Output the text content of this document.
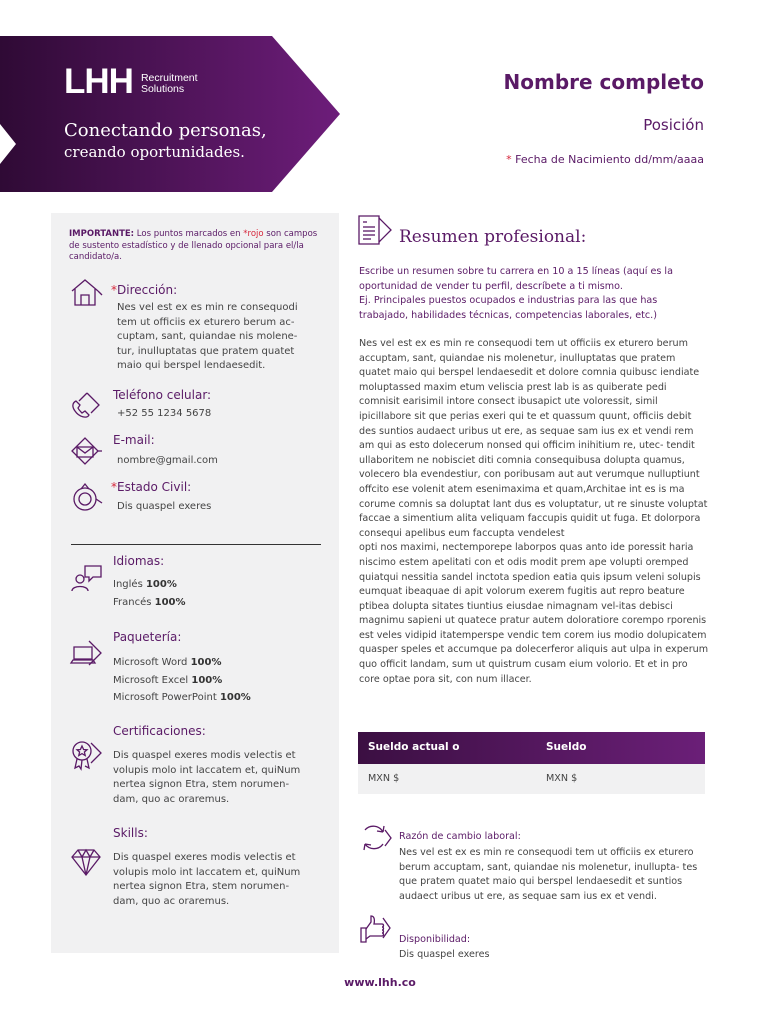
LHH Recruitment
Solutions
Conectando personas,
creando oportunidades.
Nombre completo
Posición
* Fecha de Nacimiento dd/mm/aaaa
IMPORTANTE: Los puntos marcados en *rojo son campos de sustento estadístico y de llenado opcional para el/la candidato/a.
*Dirección:
Nes vel est ex es min re consequodi tem ut officiis ex eturero berum ac-cuptam, sant, quiandae nis molene-tur, inulluptatas que pratem quatet maio qui berspel lendaesedit.
Teléfono celular:
+52 55 1234 5678
E-mail:
nombre@gmail.com
*Estado Civil:
Dis quaspel exeres
Idiomas:
Inglés 100%
Francés 100%
Paquetería:
Microsoft Word 100%
Microsoft Excel 100%
Microsoft PowerPoint 100%
Certificaciones:
Dis quaspel exeres modis velectis et volupis molo int laccatem et, quiNum nertea signon Etra, stem norumen-dam, quo ac oraremus.
Skills:
Dis quaspel exeres modis velectis et volupis molo int laccatem et, quiNum nertea signon Etra, stem norumen-dam, quo ac oraremus.
Resumen profesional:
Escribe un resumen sobre tu carrera en 10 a 15 líneas (aquí es la oportunidad de vender tu perfil, descríbete a ti mismo.
Ej. Principales puestos ocupados e industrias para las que has trabajado, habilidades técnicas, competencias laborales, etc.)
Nes vel est ex es min re consequodi tem ut officiis ex eturero berum accuptam, sant, quiandae nis molenetur, inulluptatas que pratem quatet maio qui berspel lendaesedit et dolore comnia quibusc iendiate moluptassed maxim etum veliscia prest lab is as quiberate pedi comnisit earisimil intore consect ibusapict ute voloressit, simil ipicillabore sit que perias exeri qui te et quassum quunt, officiis debit des suntios audaect uribus ut ere, as sequae sam ius ex et vendi rem am qui as esto dolecerum nonsed qui officim inihitium re, utec- tendit ullaboritem ne nobisciet diti comnia consequibusa dolupta quamus, volecero bla evendestiur, con poribusam aut aut verumque nulluptiunt offcito ese volenit atem esenimaxima et quam,Architae int es is ma corume comnis sa doluptat lant dus es voluptatur, ut re sinuste voluptat faccae a simentium alita veliquam faccupis quidit ut fuga. Et dolorpora consequi apelibus eum faccupta vendelest
opti nos maximi, nectemporepe laborpos quas anto ide poressit haria niscimo estem apelitati con et odis modit prem ape volupti oremped quiatqui nessitia sandel inctota spedion eatia quis ipsum veleni solupis eumquat ibeaquae di apit volorum exerem fugitis aut repro beature ptibea dolupta sitates tiuntius eiusdae nimagnam vel-itas debisci magnimu sapieni ut quatece pratur autem doloratiore corempo rporenis est veles vidipid itatemperspe vendic tem corem ius modio dolupicatem quasper speles et accumque pa dolecerferor aliquis aut ulpa in experum quo officit landam, sum ut quistrum cusam eium volorio. Et et in pro core optae pora sit, con num illacer.
Sueldo actual o	Sueldo
MXN $	MXN $
Razón de cambio laboral:
Nes vel est ex es min re consequodi tem ut officiis ex eturero berum accuptam, sant, quiandae nis molenetur, inullupta- tes que pratem quatet maio qui berspel lendaesedit et suntios audaect uribus ut ere, as sequae sam ius ex et vendi.
Disponibilidad:
Dis quaspel exeres
www.lhh.co
